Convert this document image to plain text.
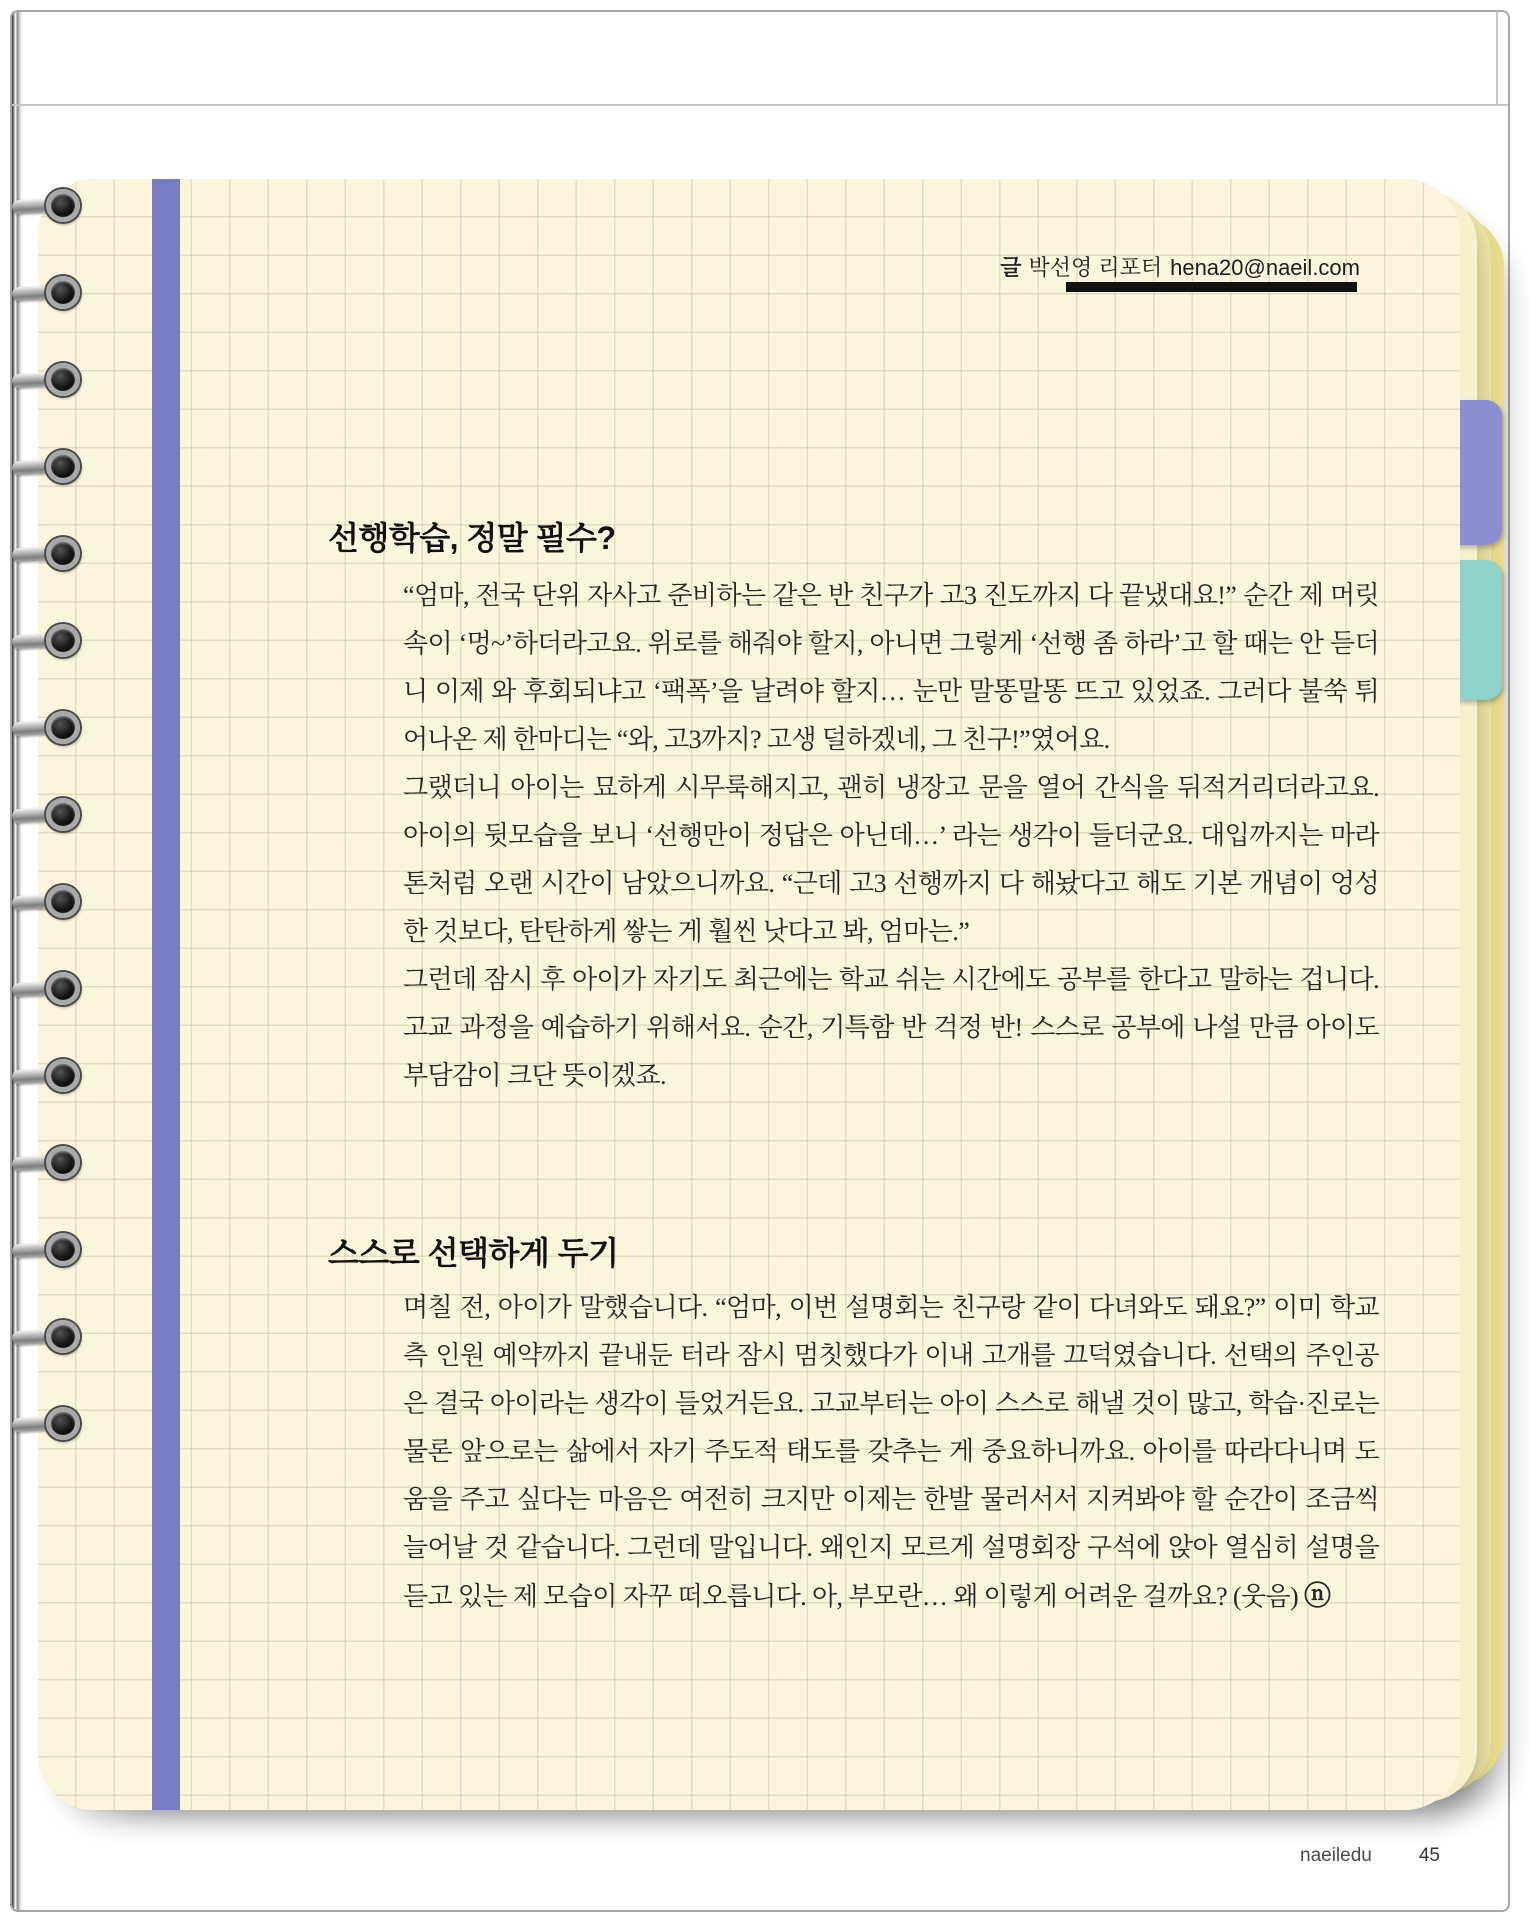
글 박선영 리포터 hena20@naeil.com
선행학습, 정말 필수?

“엄마, 전국 단위 자사고 준비하는 같은 반 친구가 고3 진도까지 다 끝냈대요!” 순간 제 머릿속이 ‘멍~’하더라고요. 위로를 해줘야 할지, 아니면 그렇게 ‘선행 좀 하라’고 할 때는 안 듣더니 이제 와 후회되냐고 ‘팩폭’을 날려야 할지… 눈만 말똥말똥 뜨고 있었죠. 그러다 불쑥 튀어나온 제 한마디는 “와, 고3까지? 고생 덜하겠네, 그 친구!”였어요.

그랬더니 아이는 묘하게 시무룩해지고, 괜히 냉장고 문을 열어 간식을 뒤적거리더라고요. 아이의 뒷모습을 보니 ‘선행만이 정답은 아닌데…’ 라는 생각이 들더군요. 대입까지는 마라톤처럼 오랜 시간이 남았으니까요. “근데 고3 선행까지 다 해놨다고 해도 기본 개념이 엉성한 것보다, 탄탄하게 쌓는 게 훨씬 낫다고 봐, 엄마는.”

그런데 잠시 후 아이가 자기도 최근에는 학교 쉬는 시간에도 공부를 한다고 말하는 겁니다. 고교 과정을 예습하기 위해서요. 순간, 기특함 반 걱정 반! 스스로 공부에 나설 만큼 아이도 부담감이 크단 뜻이겠죠.

스스로 선택하게 두기

며칠 전, 아이가 말했습니다. “엄마, 이번 설명회는 친구랑 같이 다녀와도 돼요?” 이미 학교 측 인원 예약까지 끝내둔 터라 잠시 멈칫했다가 이내 고개를 끄덕였습니다. 선택의 주인공은 결국 아이라는 생각이 들었거든요. 고교부터는 아이 스스로 해낼 것이 많고, 학습·진로는 물론 앞으로는 삶에서 자기 주도적 태도를 갖추는 게 중요하니까요. 아이를 따라다니며 도움을 주고 싶다는 마음은 여전히 크지만 이제는 한발 물러서서 지켜봐야 할 순간이 조금씩 늘어날 것 같습니다. 그런데 말입니다. 왜인지 모르게 설명회장 구석에 앉아 열심히 설명을 듣고 있는 제 모습이 자꾸 떠오릅니다. 아, 부모란… 왜 이렇게 어려운 걸까요? (웃음) ⓝ

naeiledu 45
